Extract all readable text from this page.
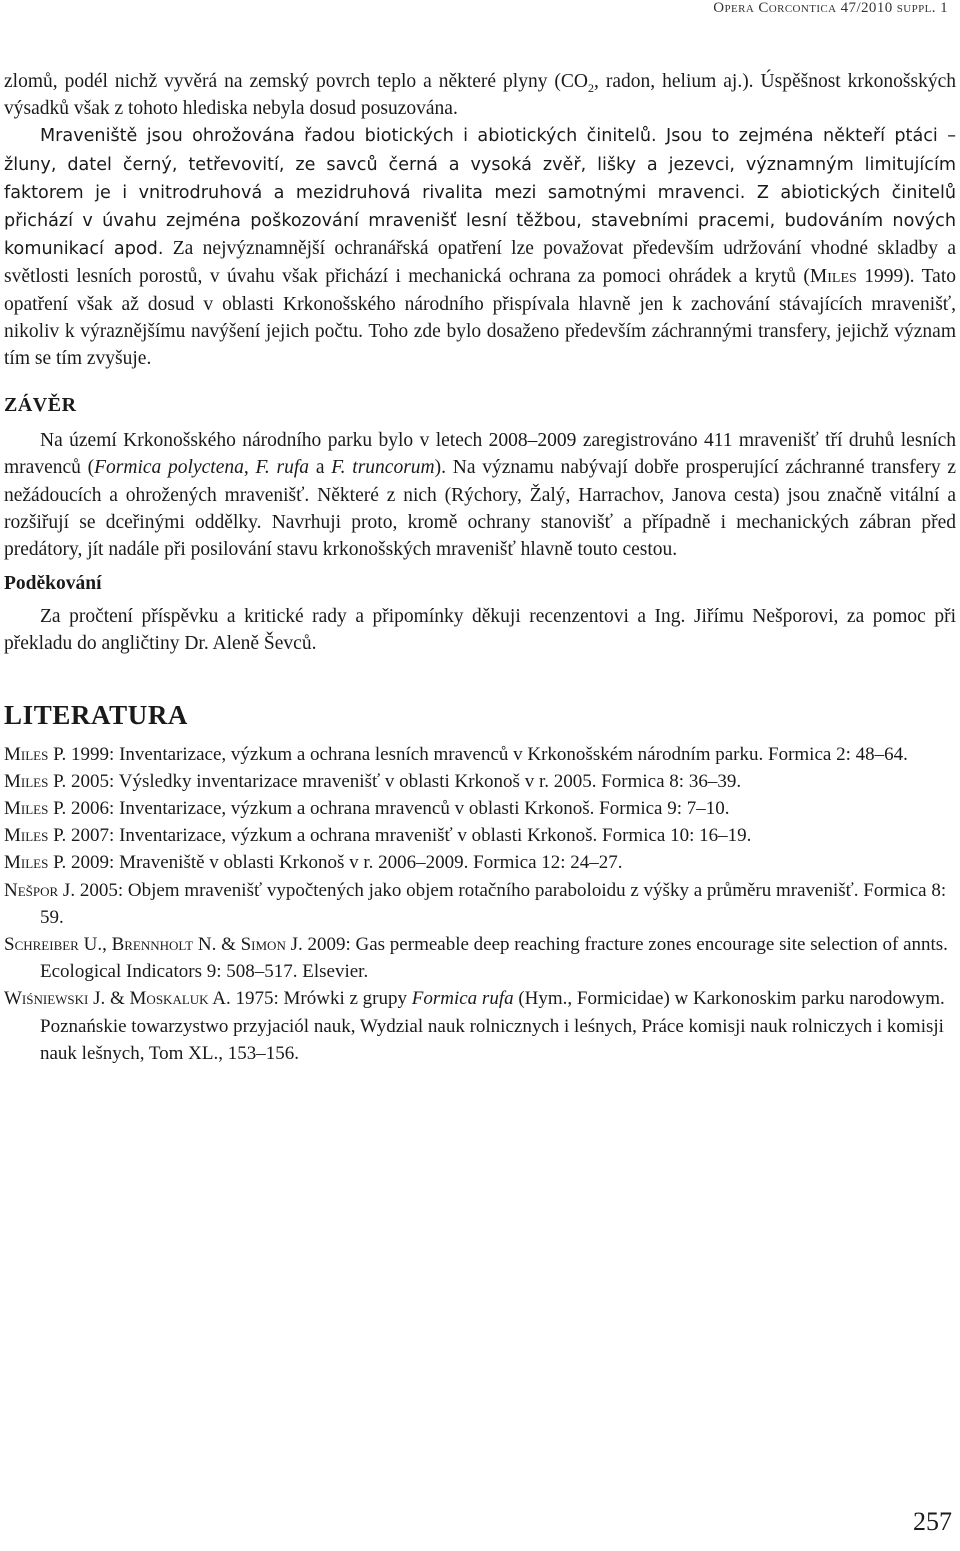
Opera Corcontica 47/2010 suppl. 1

zlomů, podél nichž vyvěrá na zemský povrch teplo a některé plyny ($CO_2$, radon, helium aj.). Úspěšnost krkonošských výsadků však z tohoto hlediska nebyla dosud posuzována.

Mraveniště jsou ohrožována řadou biotických i abiotických činitelů. Jsou to zejména někteří ptáci – žluny, datel černý, tetřevovití, ze savců černá a vysoká zvěř, lišky a jezevci, významným limitujícím faktorem je i vnitrodruhová a mezidruhová rivalita mezi samotnými mravenci. Z abiotických činitelů přichází v úvahu zejména poškozování mravenišť lesní těžbou, stavebními pracemi, budováním nových komunikací apod. Za nejvýznamnější ochranářská opatření lze považovat především udržování vhodné skladby a světlosti lesních porostů, v úvahu však přichází i mechanická ochrana za pomoci ohrádek a krytů (Miles 1999). Tato opatření však až dosud v oblasti Krkonošského národního přispívala hlavně jen k zachování stávajících mravenišť, nikoliv k výraznějšímu navýšení jejich počtu. Toho zde bylo dosaženo především záchrannými transfery, jejichž význam tím se tím zvyšuje.

ZÁVĚR

Na území Krkonošského národního parku bylo v letech 2008–2009 zaregistrováno 411 mravenišť tří druhů lesních mravenců (Formica polyctena, F. rufa a F. truncorum). Na významu nabývají dobře prosperující záchranné transfery z nežádoucích a ohrožených mravenišť. Některé z nich (Rýchory, Žalý, Harrachov, Janova cesta) jsou značně vitální a rozšiřují se dceřinými oddělky. Navrhuji proto, kromě ochrany stanovišť a případně i mechanických zábran před predátory, jít nadále při posilování stavu krkonošských mravenišť hlavně touto cestou.

Poděkování

Za pročtení příspěvku a kritické rady a připomínky děkuji recenzentovi a Ing. Jiřímu Nešporovi, za pomoc při překladu do angličtiny Dr. Aleně Ševců.

LITERATURA

Miles P. 1999: Inventarizace, výzkum a ochrana lesních mravenců v Krkonošském národním parku. Formica 2: 48–64.

Miles P. 2005: Výsledky inventarizace mravenišť v oblasti Krkonoš v r. 2005. Formica 8: 36–39.

Miles P. 2006: Inventarizace, výzkum a ochrana mravenců v oblasti Krkonoš. Formica 9: 7–10.

Miles P. 2007: Inventarizace, výzkum a ochrana mravenišť v oblasti Krkonoš. Formica 10: 16–19.

Miles P. 2009: Mraveniště v oblasti Krkonoš v r. 2006–2009. Formica 12: 24–27.

Nešpor J. 2005: Objem mravenišť vypočtených jako objem rotačního paraboloidu z výšky a průměru mravenišť. Formica 8: 59.

Schreiber U., Brennholt N. & Simon J. 2009: Gas permeable deep reaching fracture zones encourage site selection of annts. Ecological Indicators 9: 508–517. Elsevier.

Wiśniewski J. & Moskaluk A. 1975: Mrówki z grupy Formica rufa (Hym., Formicidae) w Karkonoskim parku narodowym. Poznańskie towarzystwo przyjaciól nauk, Wydzial nauk rolnicznych i leśnych, Práce komisji nauk rolniczych i komisji nauk lešnych, Tom XL., 153–156.

257
